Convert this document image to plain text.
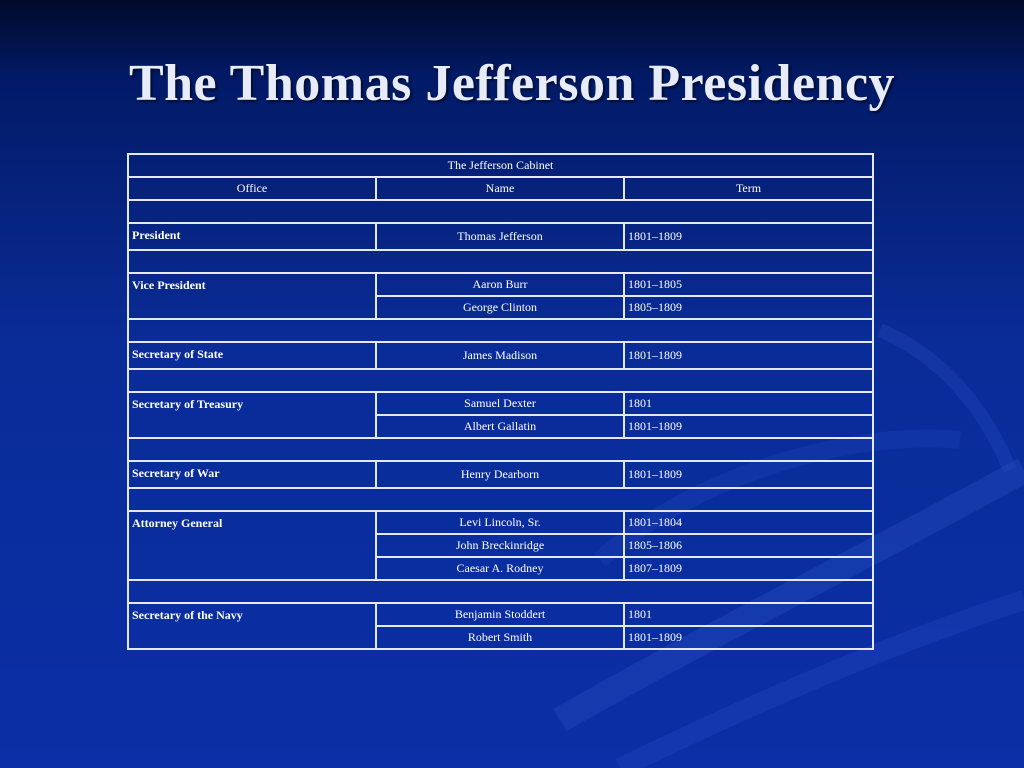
The Thomas Jefferson Presidency
The Jefferson Cabinet		
Office	Name	Term

President	Thomas Jefferson	1801–1809

Vice President	Aaron Burr	1801–1805
	George Clinton	1805–1809

Secretary of State	James Madison	1801–1809

Secretary of Treasury	Samuel Dexter	1801
	Albert Gallatin	1801–1809

Secretary of War	Henry Dearborn	1801–1809

Attorney General	Levi Lincoln, Sr.	1801–1804
	John Breckinridge	1805–1806
	Caesar A. Rodney	1807–1809

Secretary of the Navy	Benjamin Stoddert	1801
	Robert Smith	1801–1809
